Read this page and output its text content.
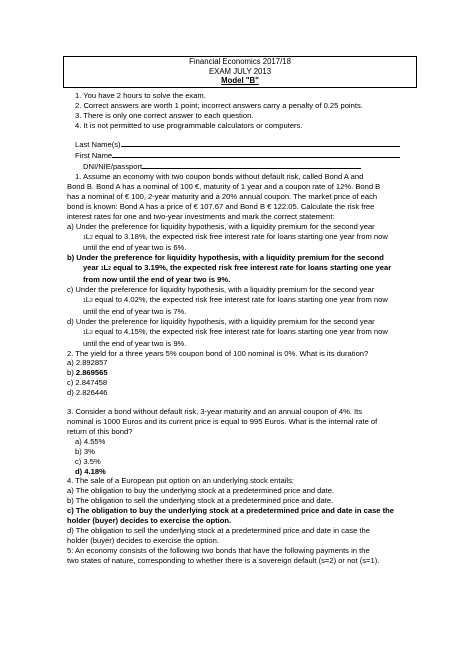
Financial Economics 2017/18
EXAM JULY 2013
Model "B"
1. You have 2 hours to solve the exam.
2. Correct answers are worth 1 point; incorrect answers carry a penalty of 0.25 points.
3. There is only one correct answer to each question.
4. It is not permitted to use programmable calculators or computers.
Last Name(s)
First Name
DNI/NIE/passport
1. Assume an economy with two coupon bonds without default risk, called Bond A and
Bond B. Bond A has a nominal of 100 €, maturity of 1 year and a coupon rate of 12%. Bond B
has a nominal of € 100, 2-year maturity and a 20% annual coupon. The market price of each
bond is known: Bond A has a price of € 107.67 and Bond B € 122.05. Calculate the risk free
interest rates for one and two-year investments and mark the correct statement:
a) Under the preference for liquidity hypothesis, with a liquidity premium for the second year
1L2 equal to 3.18%, the expected risk free interest rate for loans starting one year from now
until the end of year two is 6%.
b) Under the preference for liquidity hypothesis, with a liquidity premium for the second
year 1L2 equal to 3.19%, the expected risk free interest rate for loans starting one year
from now until the end of year two is 9%.
c) Under the preference for liquidity hypothesis, with a liquidity premium for the second year
1L2 equal to 4.02%, the expected risk free interest rate for loans starting one year from now
until the end of year two is 7%.
d) Under the preference for liquidity hypothesis, with a liquidity premium for the second year
1L2 equal to 4.15%, the expected risk free interest rate for loans starting one year from now
until the end of year two is 9%.
2. The yield for a three years 5% coupon bond of 100 nominal is 0%. What is its duration?
a) 2.892857
b) 2.869565
c) 2.847458
d) 2.826446
3. Consider a bond without default risk, 3-year maturity and an annual coupon of 4%. Its
nominal is 1000 Euros and its current price is equal to 995 Euros. What is the internal rate of
return of this bond?
a) 4.55%
b) 3%
c) 3.5%
d) 4.18%
4. The sale of a European put option on an underlying stock entails:
a) The obligation to buy the underlying stock at a predetermined price and date.
b) The obligation to sell the underlying stock at a predetermined price and date.
c) The obligation to buy the underlying stock at a predetermined price and date in case the
holder (buyer) decides to exercise the option.
d) The obligation to sell the underlying stock at a predetermined price and date in case the
holder (buyer) decides to exercise the option.
5: An economy consists of the following two bonds that have the following payments in the
two states of nature, corresponding to whether there is a sovereign default (s=2) or not (s=1).
